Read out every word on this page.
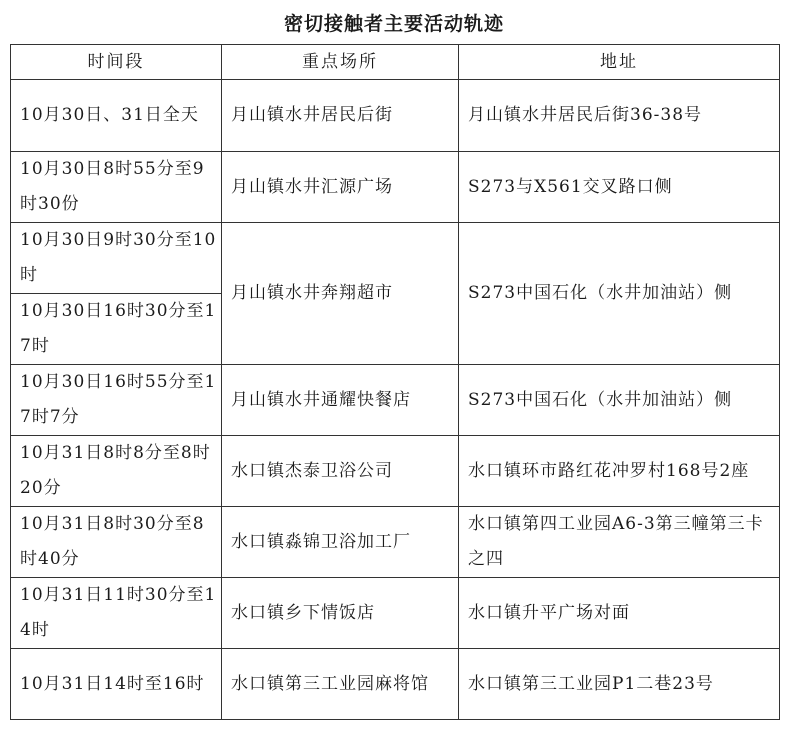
密切接触者主要活动轨迹
时间段	重点场所	地址
10月30日、31日全天	月山镇水井居民后街	月山镇水井居民后街36-38号
10月30日8时55分至9时30份	月山镇水井汇源广场	S273与X561交叉路口侧
10月30日9时30分至10时	月山镇水井奔翔超市	S273中国石化（水井加油站）侧
10月30日16时30分至17时		
10月30日16时55分至17时7分	月山镇水井通耀快餐店	S273中国石化（水井加油站）侧
10月31日8时8分至8时20分	水口镇杰泰卫浴公司	水口镇环市路红花冲罗村168号2座
10月31日8时30分至8时40分	水口镇淼锦卫浴加工厂	水口镇第四工业园A6-3第三幢第三卡之四
10月31日11时30分至14时	水口镇乡下情饭店	水口镇升平广场对面
10月31日14时至16时	水口镇第三工业园麻将馆	水口镇第三工业园P1二巷23号
